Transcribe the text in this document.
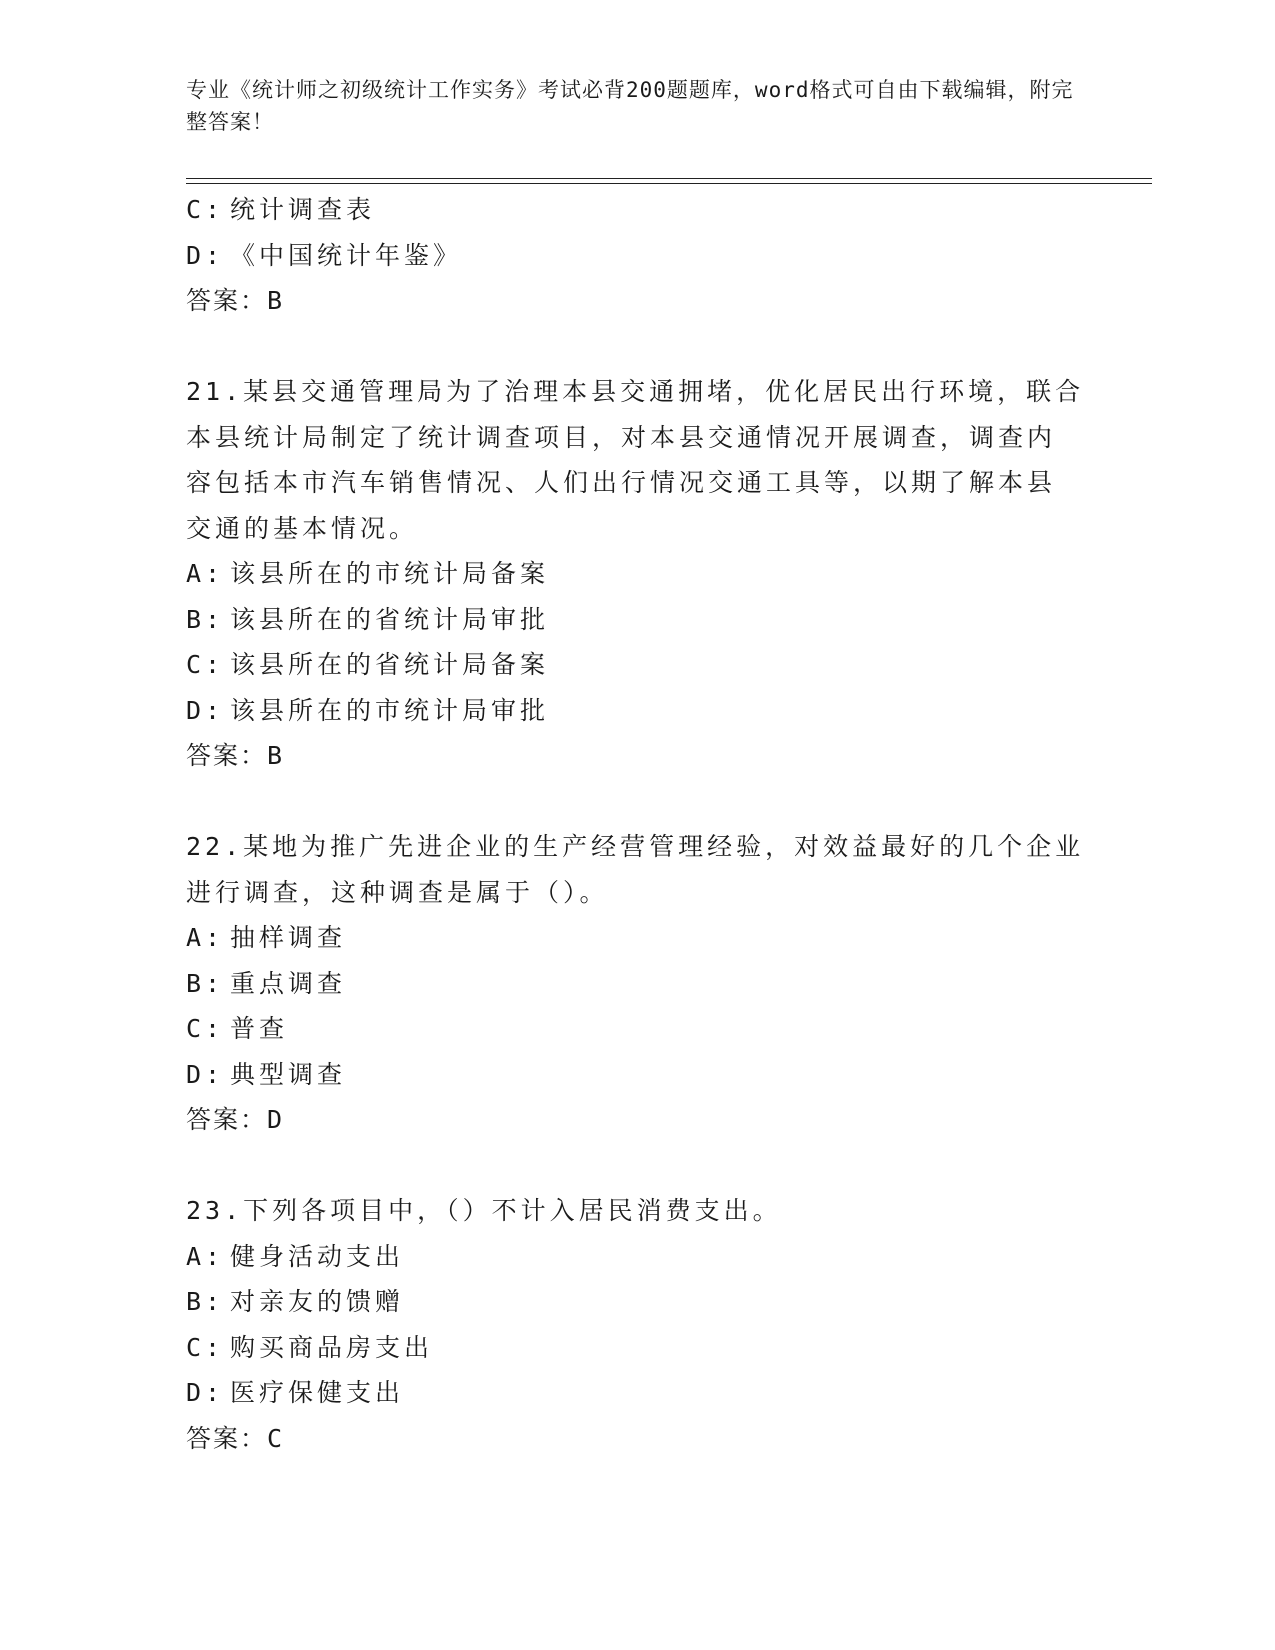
专业《统计师之初级统计工作实务》考试必背200题题库，word格式可自由下载编辑，附完整答案！
C: 统计调查表
D: 《中国统计年鉴》
答案：B
21.某县交通管理局为了治理本县交通拥堵，优化居民出行环境，联合
本县统计局制定了统计调查项目，对本县交通情况开展调查，调查内
容包括本市汽车销售情况、人们出行情况交通工具等，以期了解本县
交通的基本情况。
A: 该县所在的市统计局备案
B: 该县所在的省统计局审批
C: 该县所在的省统计局备案
D: 该县所在的市统计局审批
答案：B
22.某地为推广先进企业的生产经营管理经验，对效益最好的几个企业
进行调查，这种调查是属于（）。
A: 抽样调查
B: 重点调查
C: 普查
D: 典型调查
答案：D
23.下列各项目中，（）不计入居民消费支出。
A: 健身活动支出
B: 对亲友的馈赠
C: 购买商品房支出
D: 医疗保健支出
答案：C
